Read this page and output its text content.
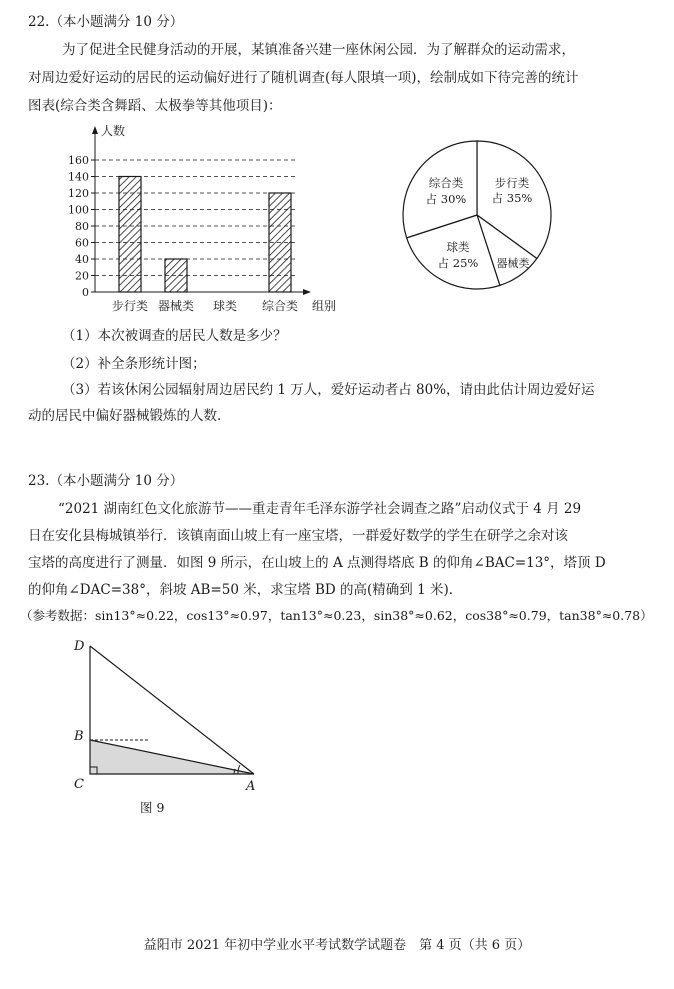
22.（本小题满分 10 分）
为了促进全民健身活动的开展，某镇准备兴建一座休闲公园．为了解群众的运动需求，
对周边爱好运动的居民的运动偏好进行了随机调查(每人限填一项)，绘制成如下待完善的统计
图表(综合类含舞蹈、太极拳等其他项目)：
0
20
40
60
80
100
120
140
160
步行类 器械类 球类 综合类
人数
组别
步行类
占 35%
综合类
占 30%
球类
占 25% 器械类
（1）本次被调查的居民人数是多少？
（2）补全条形统计图；
（3）若该休闲公园辐射周边居民约 1 万人，爱好运动者占 80%，请由此估计周边爱好运
动的居民中偏好器械锻炼的人数．
23.（本小题满分 10 分）
“2021 湖南红色文化旅游节——重走青年毛泽东游学社会调查之路”启动仪式于 4 月 29
日在安化县梅城镇举行．该镇南面山坡上有一座宝塔，一群爱好数学的学生在研学之余对该
宝塔的高度进行了测量．如图 9 所示，在山坡上的 A 点测得塔底 B 的仰角∠BAC=13°，塔顶 D
的仰角∠DAC=38°，斜坡 AB=50 米，求宝塔 BD 的高(精确到 1 米)．
（参考数据：sin13°≈0.22，cos13°≈0.97，tan13°≈0.23，sin38°≈0.62，cos38°≈0.79，tan38°≈0.78）
D
B
C	A
图 9
益阳市 2021 年初中学业水平考试数学试题卷　第 4 页（共 6 页）
